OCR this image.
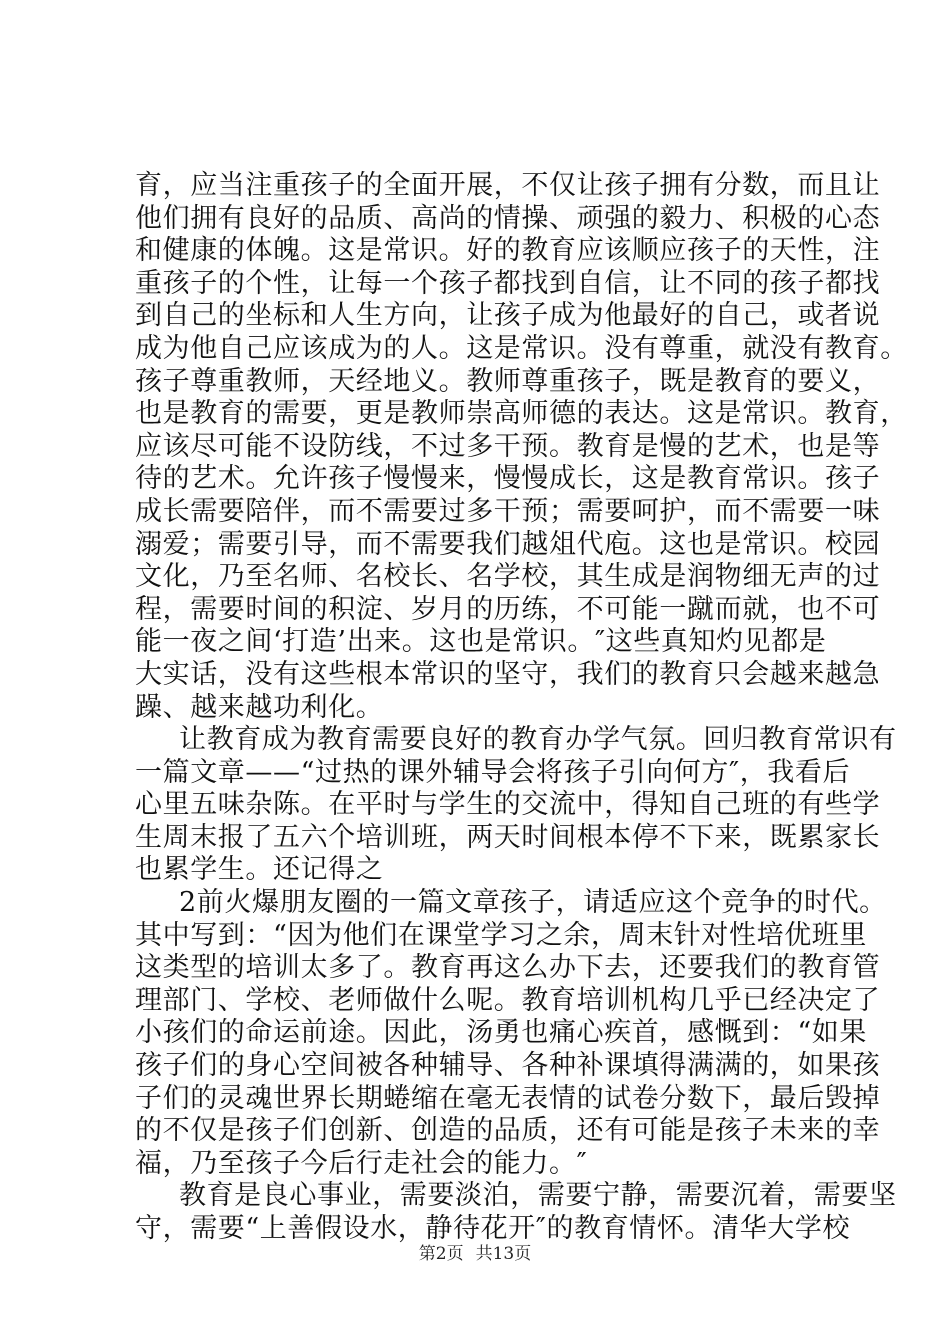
育，应当注重孩子的全面开展，不仅让孩子拥有分数，而且让
他们拥有良好的品质、高尚的情操、顽强的毅力、积极的心态
和健康的体魄。这是常识。好的教育应该顺应孩子的天性，注
重孩子的个性，让每一个孩子都找到自信，让不同的孩子都找
到自己的坐标和人生方向，让孩子成为他最好的自己，或者说
成为他自己应该成为的人。这是常识。没有尊重，就没有教育。
孩子尊重教师，天经地义。教师尊重孩子，既是教育的要义，
也是教育的需要，更是教师崇高师德的表达。这是常识。教育，
应该尽可能不设防线，不过多干预。教育是慢的艺术，也是等
待的艺术。允许孩子慢慢来，慢慢成长，这是教育常识。孩子
成长需要陪伴，而不需要过多干预；需要呵护，而不需要一味
溺爱；需要引导，而不需要我们越俎代庖。这也是常识。校园
文化，乃至名师、名校长、名学校，其生成是润物细无声的过
程，需要时间的积淀、岁月的历练，不可能一蹴而就，也不可
能一夜之间‘打造’出来。这也是常识。″这些真知灼见都是
大实话，没有这些根本常识的坚守，我们的教育只会越来越急
躁、越来越功利化。
让教育成为教育需要良好的教育办学气氛。回归教育常识有
一篇文章——“过热的课外辅导会将孩子引向何方″，我看后
心里五味杂陈。在平时与学生的交流中，得知自己班的有些学
生周末报了五六个培训班，两天时间根本停不下来，既累家长
也累学生。还记得之
2前火爆朋友圈的一篇文章孩子，请适应这个竞争的时代。
其中写到：“因为他们在课堂学习之余，周末针对性培优班里
这类型的培训太多了。教育再这么办下去，还要我们的教育管
理部门、学校、老师做什么呢。教育培训机构几乎已经决定了
小孩们的命运前途。因此，汤勇也痛心疾首，感慨到：“如果
孩子们的身心空间被各种辅导、各种补课填得满满的，如果孩
子们的灵魂世界长期蜷缩在毫无表情的试卷分数下，最后毁掉
的不仅是孩子们创新、创造的品质，还有可能是孩子未来的幸
福，乃至孩子今后行走社会的能力。″
教育是良心事业，需要淡泊，需要宁静，需要沉着，需要坚
守，需要“上善假设水，静待花开″的教育情怀。清华大学校
第2页 共13页
